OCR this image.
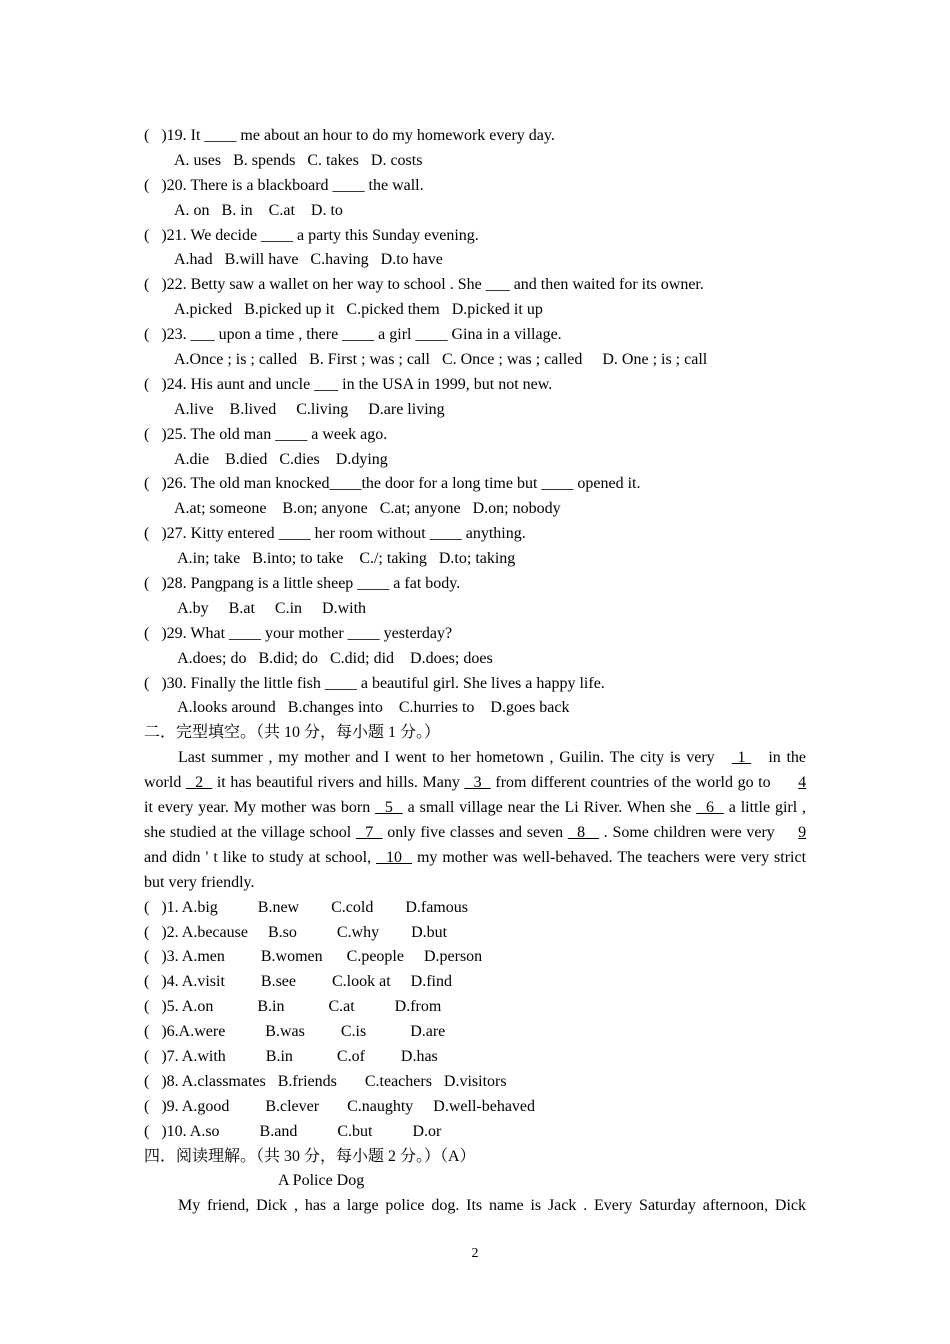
(   )19. It ____ me about an hour to do my homework every day.
A. uses   B. spends   C. takes   D. costs
(   )20. There is a blackboard ____ the wall.
A. on   B. in    C.at    D. to
(   )21. We decide ____ a party this Sunday evening.
A.had   B.will have   C.having   D.to have
(   )22. Betty saw a wallet on her way to school . She ___ and then waited for its owner.
A.picked   B.picked up it   C.picked them   D.picked it up
(   )23. ___ upon a time , there ____ a girl ____ Gina in a village.
A.Once ; is ; called   B. First ; was ; call   C. Once ; was ; called     D. One ; is ; call
(   )24. His aunt and uncle ___ in the USA in 1999, but not new.
A.live    B.lived     C.living     D.are living
(   )25. The old man ____ a week ago.
A.die    B.died   C.dies    D.dying
(   )26. The old man knocked____the door for a long time but ____ opened it.
A.at; someone    B.on; anyone   C.at; anyone   D.on; nobody
(   )27. Kitty entered ____ her room without ____ anything.
A.in; take   B.into; to take    C./; taking   D.to; taking
(   )28. Pangpang is a little sheep ____ a fat body.
A.by     B.at     C.in     D.with
(   )29. What ____ your mother ____ yesterday?
A.does; do   B.did; do   C.did; did    D.does; does
(   )30. Finally the little fish ____ a beautiful girl. She lives a happy life.
A.looks around   B.changes into    C.hurries to    D.goes back
二．完型填空。（共 10 分，每小题 1 分。）
Last summer , my mother and I went to her hometown , Guilin. The city is very    1    in the
world   2   it has beautiful rivers and hills. Many   3   from different countries of the world go to      4
it every year. My mother was born   5   a small village near the Li River. When she   6   a little girl ,
she studied at the village school   7   only five classes and seven   8    . Some children were very     9
and didn ' t like to study at school,   10   my mother was well-behaved. The teachers were very strict
but very friendly.
(   )1. A.big          B.new        C.cold        D.famous
(   )2. A.because     B.so          C.why        D.but
(   )3. A.men         B.women      C.people     D.person
(   )4. A.visit         B.see         C.look at     D.find
(   )5. A.on           B.in           C.at          D.from
(   )6.A.were          B.was         C.is           D.are
(   )7. A.with          B.in           C.of         D.has
(   )8. A.classmates   B.friends       C.teachers   D.visitors
(   )9. A.good         B.clever       C.naughty     D.well-behaved
(   )10. A.so          B.and          C.but          D.or
四．阅读理解。（共 30 分，每小题 2 分。）（A）
A Police Dog
My friend, Dick , has a large police dog. Its name is Jack . Every Saturday afternoon, Dick
2
